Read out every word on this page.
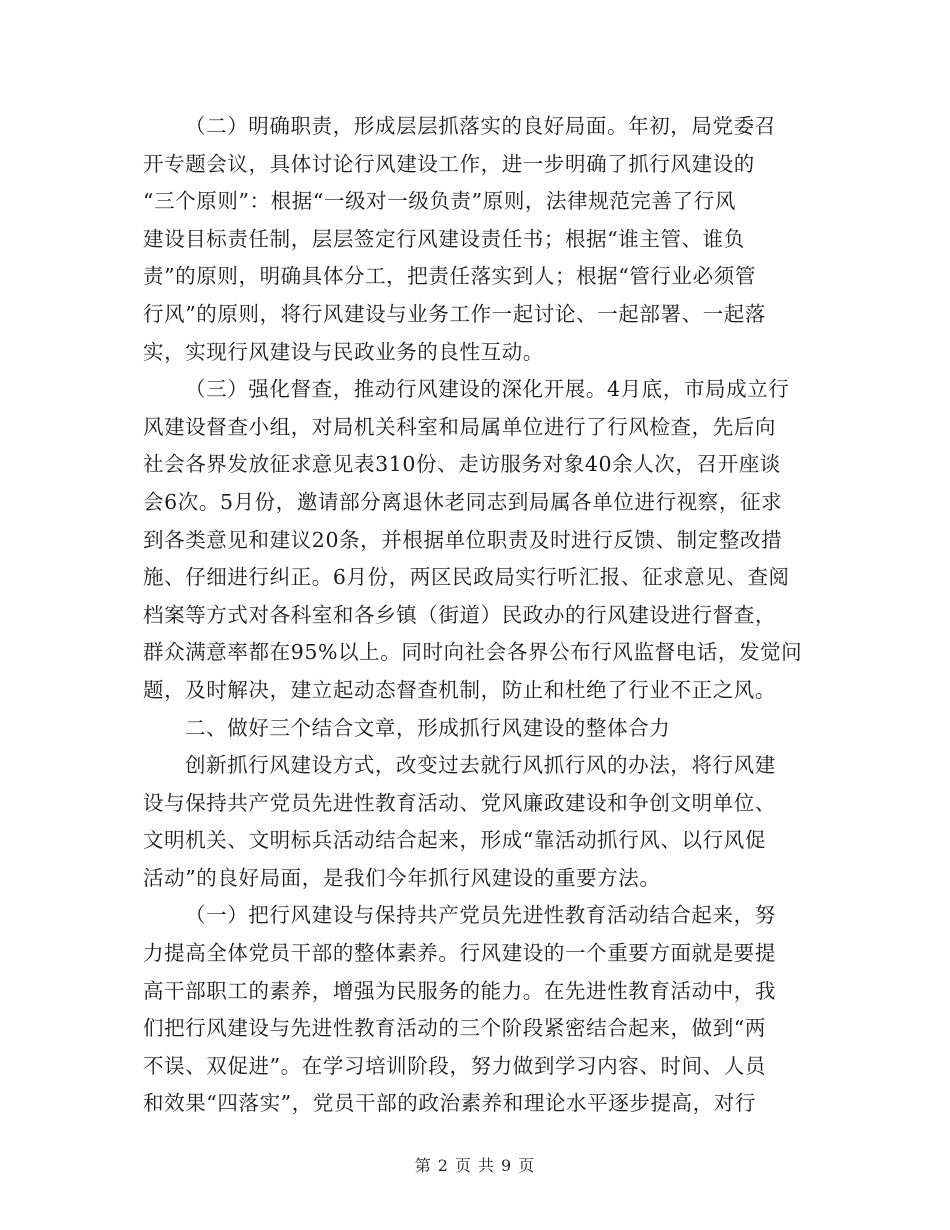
（二）明确职责，形成层层抓落实的良好局面。年初，局党委召
开专题会议，具体讨论行风建设工作，进一步明确了抓行风建设的
“三个原则”：根据“一级对一级负责”原则，法律规范完善了行风
建设目标责任制，层层签定行风建设责任书；根据“谁主管、谁负
责”的原则，明确具体分工，把责任落实到人；根据“管行业必须管
行风”的原则，将行风建设与业务工作一起讨论、一起部署、一起落
实，实现行风建设与民政业务的良性互动。
（三）强化督查，推动行风建设的深化开展。4月底，市局成立行
风建设督查小组，对局机关科室和局属单位进行了行风检查，先后向
社会各界发放征求意见表310份、走访服务对象40余人次，召开座谈
会6次。5月份，邀请部分离退休老同志到局属各单位进行视察，征求
到各类意见和建议20条，并根据单位职责及时进行反馈、制定整改措
施、仔细进行纠正。6月份，两区民政局实行听汇报、征求意见、查阅
档案等方式对各科室和各乡镇（街道）民政办的行风建设进行督查，
群众满意率都在95%以上。同时向社会各界公布行风监督电话，发觉问
题，及时解决，建立起动态督查机制，防止和杜绝了行业不正之风。
二、做好三个结合文章，形成抓行风建设的整体合力
创新抓行风建设方式，改变过去就行风抓行风的办法，将行风建
设与保持共产党员先进性教育活动、党风廉政建设和争创文明单位、
文明机关、文明标兵活动结合起来，形成“靠活动抓行风、以行风促
活动”的良好局面，是我们今年抓行风建设的重要方法。
（一）把行风建设与保持共产党员先进性教育活动结合起来，努
力提高全体党员干部的整体素养。行风建设的一个重要方面就是要提
高干部职工的素养，增强为民服务的能力。在先进性教育活动中，我
们把行风建设与先进性教育活动的三个阶段紧密结合起来，做到“两
不误、双促进”。在学习培训阶段，努力做到学习内容、时间、人员
和效果“四落实”，党员干部的政治素养和理论水平逐步提高，对行
第 2 页 共 9 页
